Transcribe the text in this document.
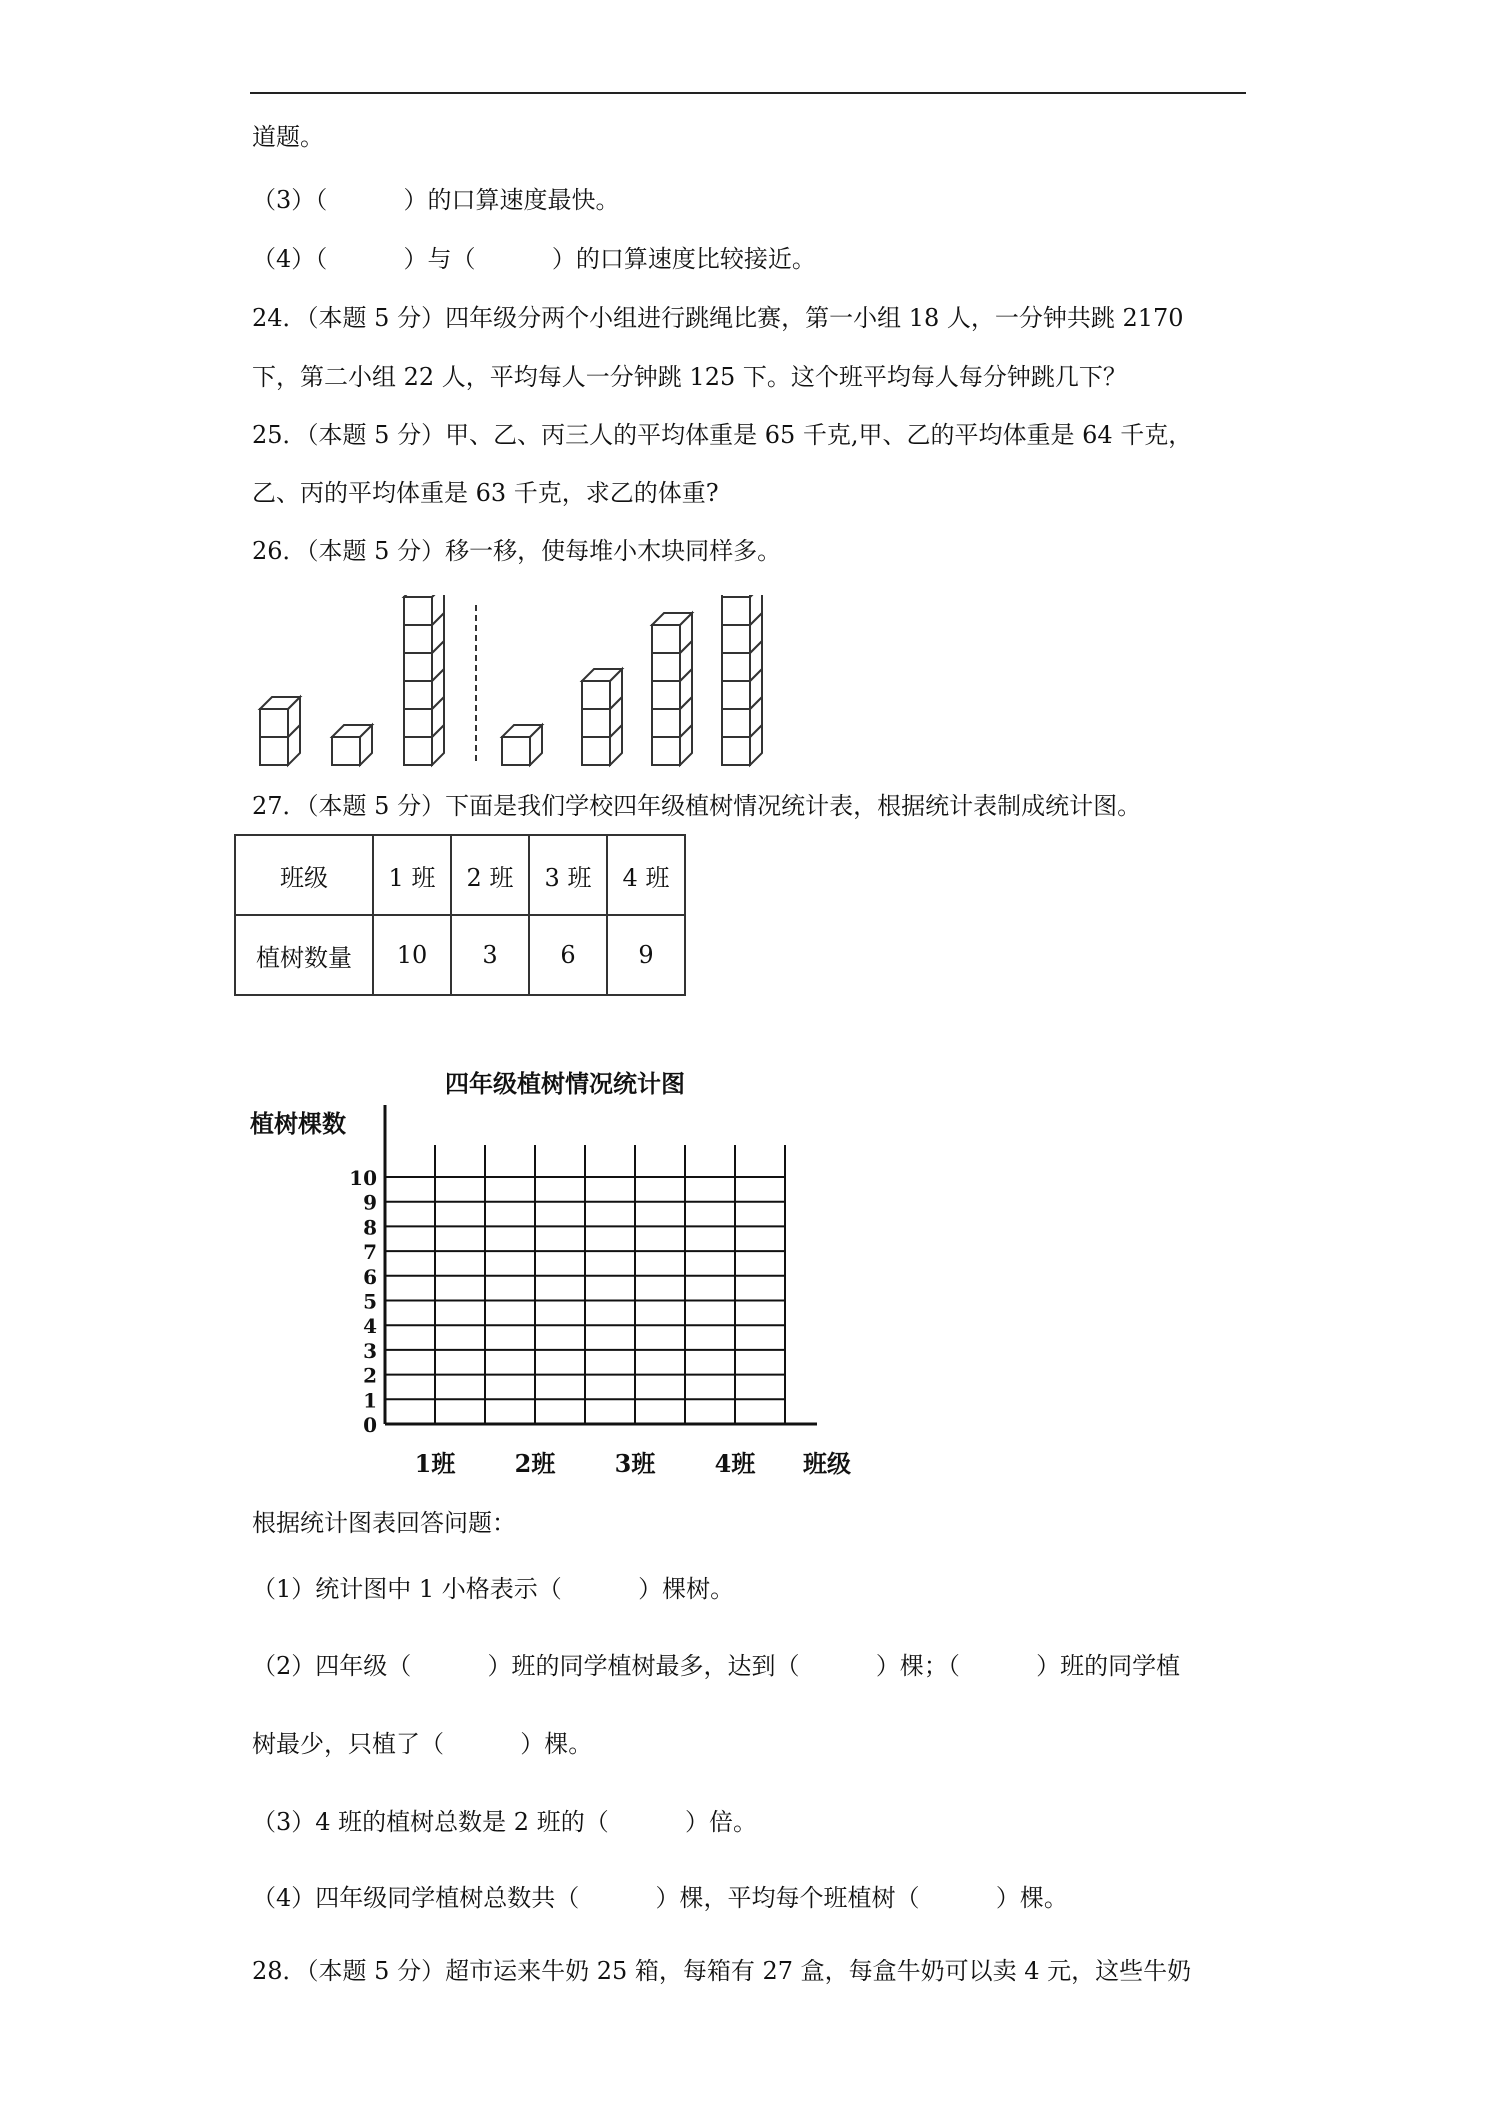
道题。
（3）（          ）的口算速度最快。
（4）（          ）与（          ）的口算速度比较接近。
24．（本题 5 分）四年级分两个小组进行跳绳比赛，第一小组 18 人，一分钟共跳 2170
下，第二小组 22 人，平均每人一分钟跳 125 下。这个班平均每人每分钟跳几下？
25．（本题 5 分）甲、乙、丙三人的平均体重是 65 千克,甲、乙的平均体重是 64 千克，
乙、丙的平均体重是 63 千克，求乙的体重?
26．（本题 5 分）移一移，使每堆小木块同样多。
27．（本题 5 分）下面是我们学校四年级植树情况统计表，根据统计表制成统计图。
班级	1 班	2 班	3 班	4 班
植树数量	10	3	6	9
四年级植树情况统计图
植树棵数
0
1
2
3
4
5
6
7
8
9
10
1班 2班 3班 4班 班级
根据统计图表回答问题：
（1）统计图中 1 小格表示（          ）棵树。
（2）四年级（          ）班的同学植树最多，达到（          ）棵；（          ）班的同学植
树最少，只植了（          ）棵。
（3）4 班的植树总数是 2 班的（          ）倍。
（4）四年级同学植树总数共（          ）棵，平均每个班植树（          ）棵。
28．（本题 5 分）超市运来牛奶 25 箱，每箱有 27 盒，每盒牛奶可以卖 4 元，这些牛奶
